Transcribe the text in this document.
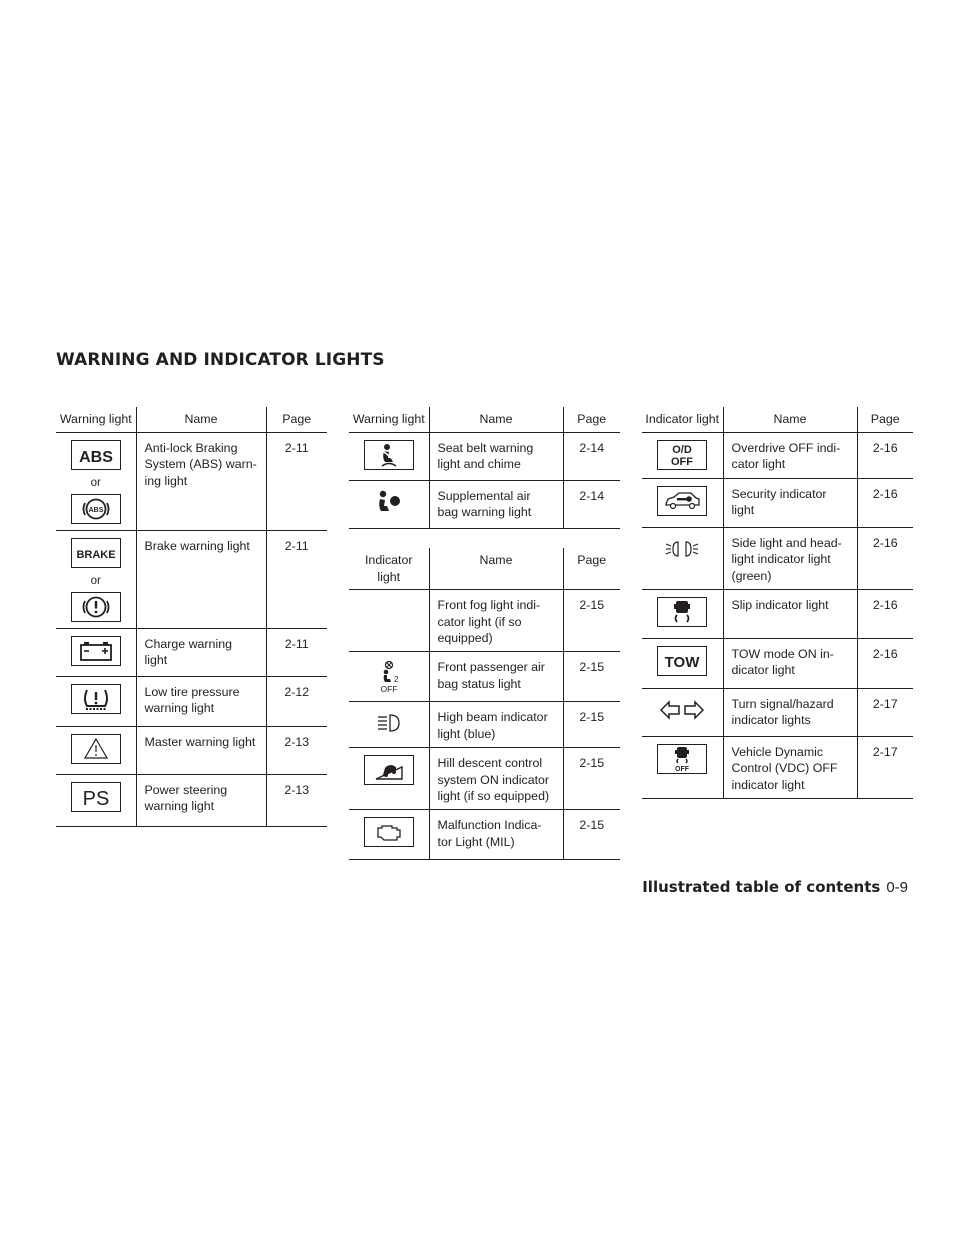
WARNING AND INDICATOR LIGHTS
Warning light	Name	Page

ABS
or
ABS	Anti-lock Braking System (ABS) warn-ing light	2-11

BRAKE
or	Brake warning light	2-11

	Charge warning light	2-11

	Low tire pressure warning light	2-12

	Master warning light	2-13

PS	Power steering warning light	2-13
Warning light	Name	Page

	Seat belt warning light and chime	2-14

	Supplemental air bag warning light	2-14
Indicator light	Name	Page
	Front fog light indi-cator light (if so equipped)	2-15

2
OFF	Front passenger air bag status light	2-15

	High beam indicator light (blue)	2-15

	Hill descent control system ON indicator light (if so equipped)	2-15

	Malfunction Indica-tor Light (MIL)	2-15
Indicator light	Name	Page

O/D
OFF	Overdrive OFF indi-cator light	2-16

	Security indicator light	2-16

	Side light and head-light indicator light (green)	2-16

	Slip indicator light	2-16

TOW	TOW mode ON in-dicator light	2-16

	Turn signal/hazard indicator lights	2-17

OFF	Vehicle Dynamic Control (VDC) OFF indicator light	2-17
Illustrated table of contents 0-9
